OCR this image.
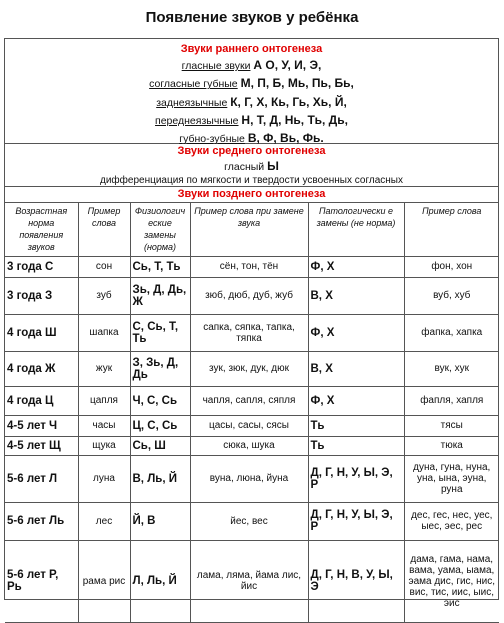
Появление звуков у ребёнка
Звуки раннего онтогенеза
гласные звуки А О, У, И, Э,
согласные губные М, П, Б, Мь, Пь, Бь,
заднеязычные К, Г, Х, Кь, Гь, Хь, Й,
переднеязычные Н, Т, Д, Нь, Ть, Дь,
губно-зубные В, Ф, Вь, Фь.
Звуки среднего онтогенеза
гласный Ы
дифференциация по мягкости и твердости усвоенных согласных
Звуки позднего онтогенеза
Возрастная норма появления звуков	Пример слова	Физиологич еские замены (норма)	Пример слова при замене звука	Патологически е замены (не норма)	Пример слова
3 года С	сон	Сь, Т, Ть	сён, тон, тён	Ф, Х	фон, хон
3 года З	зуб	Зь, Д, Дь, Ж	зюб, дюб, дуб, жуб	В, Х	вуб, хуб
4 года Ш	шапка	С, Сь, Т, Ть	сапка, сяпка, тапка, тяпка	Ф, Х	фапка, хапка
4 года Ж	жук	З, Зь, Д, Дь	зук, зюк, дук, дюк	В, Х	вук, хук
4 года Ц	цапля	Ч, С, Сь	чапля, сапля, сяпля	Ф, Х	фапля, хапля
4-5 лет Ч	часы	Ц, С, Сь	цасы, сасы, сясы	Ть	тясы
4-5 лет Щ	щука	Сь, Ш	сюка, шука	Ть	тюка
5-6 лет Л	луна	В, Ль, Й	вуна, люна, йуна	Д, Г, Н, У, Ы, Э, Р	дуна, гуна, нуна, уна, ына, эуна, руна
5-6 лет Ль	лес	Й, В	йес, вес	Д, Г, Н, У, Ы, Э, Р	дес, гес, нес, уес, ыес, эес, рес
5-6 лет Р, Рь	рама рис	Л, Ль, Й	лама, ляма, йама лис, йис	Д, Г, Н, В, У, Ы, Э	дама, гама, нама, вама, уама, ыама, эама дис, гис, нис, вис, тис, иис, ыис, эис
